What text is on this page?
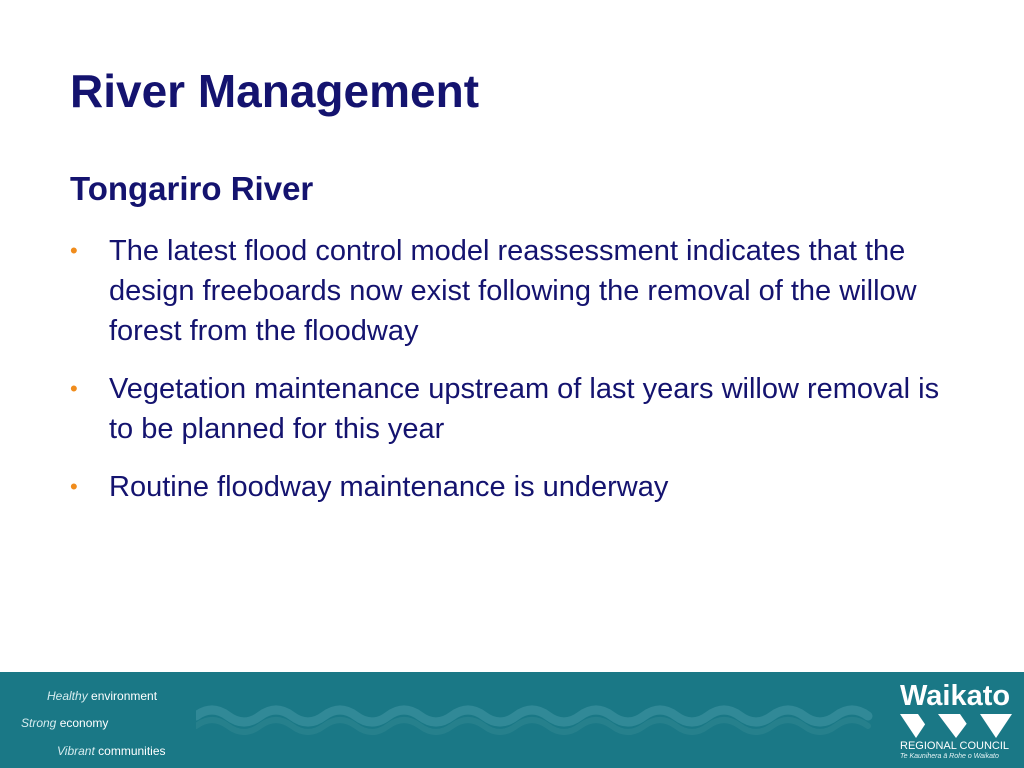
River Management
Tongariro River
• The latest flood control model reassessment indicates that the design freeboards now exist following the removal of the willow forest from the floodway
• Vegetation maintenance upstream of last years willow removal is to be planned for this year
• Routine floodway maintenance is underway
Healthy environment
Strong economy
Vibrant communities
Waikato
REGIONAL COUNCIL
Te Kaunihera ā Rohe o Waikato
